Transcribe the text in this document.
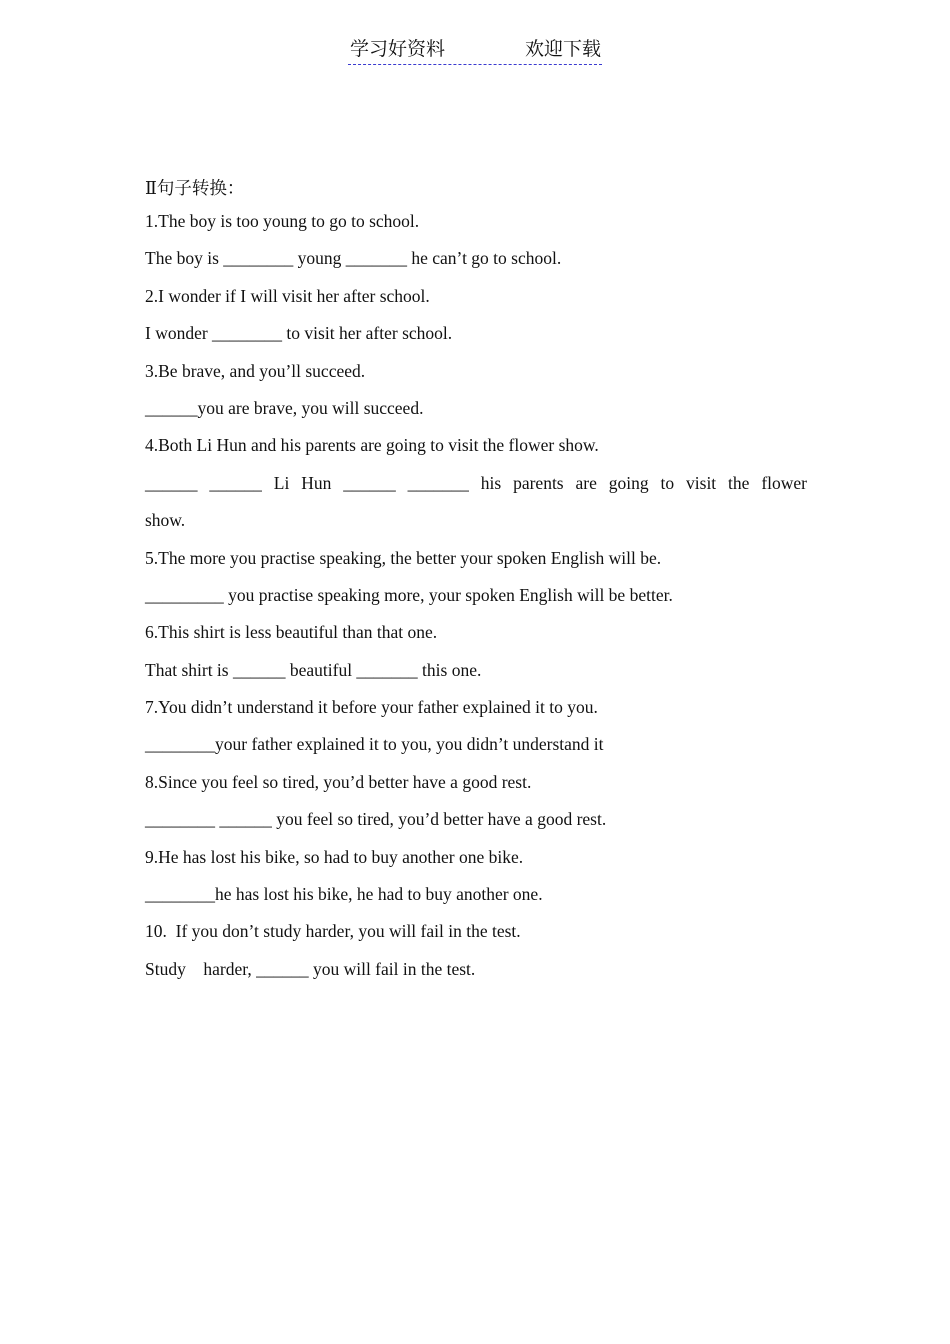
学习好资料

	欢迎下载

Ⅱ句子转换：

1.The boy is too young to go to school.

The boy is ________ young _______ he can’t go to school.

2.I wonder if I will visit her after school.

I wonder ________ to visit her after school.

3.Be brave, and you’ll succeed.

______you are brave, you will succeed.

4.Both Li Hun and his parents are going to visit the flower show.

______ ______ Li Hun ______ _______ his parents are going to visit the flower

show.

5.The more you practise speaking, the better your spoken English will be.

_________ you practise speaking more, your spoken English will be better.

6.This shirt is less beautiful than that one.

That shirt is ______ beautiful _______ this one.

7.You didn’t understand it before your father explained it to you.

________your father explained it to you, you didn’t understand it

8.Since you feel so tired, you’d better have a good rest.

________ ______ you feel so tired, you’d better have a good rest.

9.He has lost his bike, so had to buy another one bike.

________he has lost his bike, he had to buy another one.

10.  If you don’t study harder, you will fail in the test.

Study    harder, ______ you will fail in the test.
